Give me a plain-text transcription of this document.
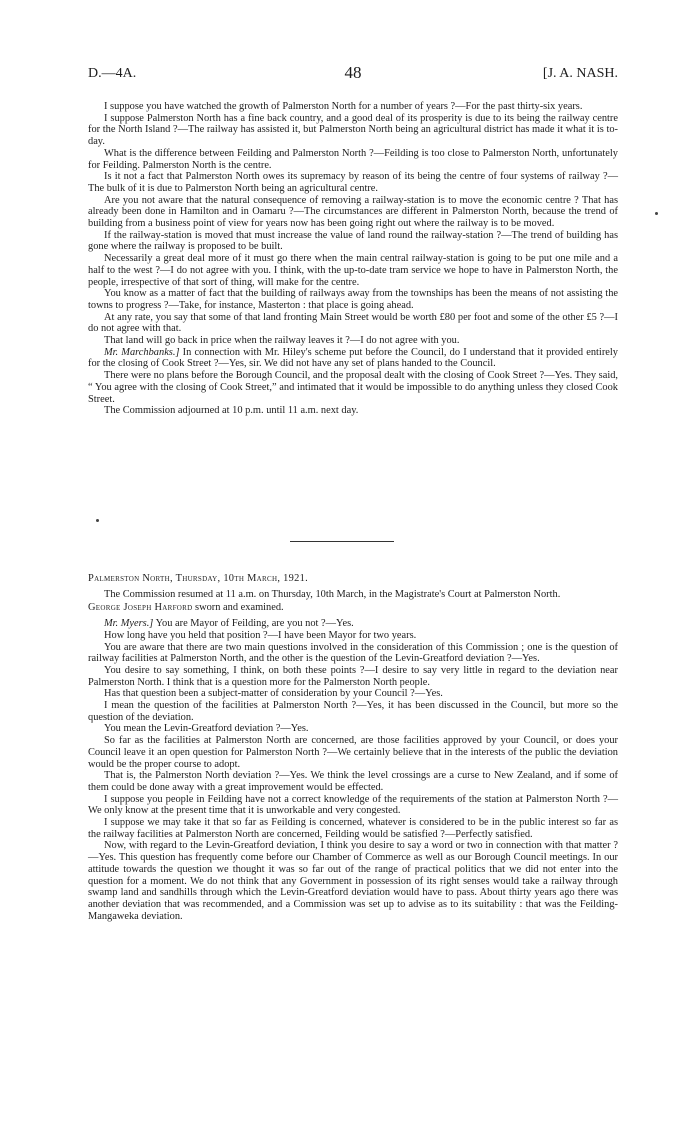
D.—4A.	48	[J. A. NASH.

I suppose you have watched the growth of Palmerston North for a number of years ?—For the past thirty-six years.

I suppose Palmerston North has a fine back country, and a good deal of its prosperity is due to its being the railway centre for the North Island ?—The railway has assisted it, but Palmerston North being an agricultural district has made it what it is to-day.

What is the difference between Feilding and Palmerston North ?—Feilding is too close to Palmerston North, unfortunately for Feilding. Palmerston North is the centre.

Is it not a fact that Palmerston North owes its supremacy by reason of its being the centre of four systems of railway ?—The bulk of it is due to Palmerston North being an agricultural centre.

Are you not aware that the natural consequence of removing a railway-station is to move the economic centre ? That has already been done in Hamilton and in Oamaru ?—The circumstances are different in Palmerston North, because the trend of building from a business point of view for years now has been going right out where the railway is to be moved.

If the railway-station is moved that must increase the value of land round the railway-station ?—The trend of building has gone where the railway is proposed to be built.

Necessarily a great deal more of it must go there when the main central railway-station is going to be put one mile and a half to the west ?—I do not agree with you. I think, with the up-to-date tram service we hope to have in Palmerston North, the people, irrespective of that sort of thing, will make for the centre.

You know as a matter of fact that the building of railways away from the townships has been the means of not assisting the towns to progress ?—Take, for instance, Masterton : that place is going ahead.

At any rate, you say that some of that land fronting Main Street would be worth £80 per foot and some of the other £5 ?—I do not agree with that.

That land will go back in price when the railway leaves it ?—I do not agree with you.

Mr. Marchbanks.] In connection with Mr. Hiley's scheme put before the Council, do I understand that it provided entirely for the closing of Cook Street ?—Yes, sir. We did not have any set of plans handed to the Council.

There were no plans before the Borough Council, and the proposal dealt with the closing of Cook Street ?—Yes. They said, “ You agree with the closing of Cook Street,” and intimated that it would be impossible to do anything unless they closed Cook Street.

The Commission adjourned at 10 p.m. until 11 a.m. next day.

Palmerston North, Thursday, 10th March, 1921.

The Commission resumed at 11 a.m. on Thursday, 10th March, in the Magistrate's Court at Palmerston North.

George Joseph Harford sworn and examined.

Mr. Myers.] You are Mayor of Feilding, are you not ?—Yes.

How long have you held that position ?—I have been Mayor for two years.

You are aware that there are two main questions involved in the consideration of this Commission ; one is the question of railway facilities at Palmerston North, and the other is the question of the Levin-Greatford deviation ?—Yes.

You desire to say something, I think, on both these points ?—I desire to say very little in regard to the deviation near Palmerston North. I think that is a question more for the Palmerston North people.

Has that question been a subject-matter of consideration by your Council ?—Yes.

I mean the question of the facilities at Palmerston North ?—Yes, it has been discussed in the Council, but more so the question of the deviation.

You mean the Levin-Greatford deviation ?—Yes.

So far as the facilities at Palmerston North are concerned, are those facilities approved by your Council, or does your Council leave it an open question for Palmerston North ?—We certainly believe that in the interests of the public the deviation would be the proper course to adopt.

That is, the Palmerston North deviation ?—Yes. We think the level crossings are a curse to New Zealand, and if some of them could be done away with a great improvement would be effected.

I suppose you people in Feilding have not a correct knowledge of the requirements of the station at Palmerston North ?—We only know at the present time that it is unworkable and very congested.

I suppose we may take it that so far as Feilding is concerned, whatever is considered to be in the public interest so far as the railway facilities at Palmerston North are concerned, Feilding would be satisfied ?—Perfectly satisfied.

Now, with regard to the Levin-Greatford deviation, I think you desire to say a word or two in connection with that matter ?—Yes. This question has frequently come before our Chamber of Commerce as well as our Borough Council meetings. In our attitude towards the question we thought it was so far out of the range of practical politics that we did not enter into the question for a moment. We do not think that any Government in possession of its right senses would take a railway through swamp land and sandhills through which the Levin-Greatford deviation would have to pass. About thirty years ago there was another deviation that was recommended, and a Commission was set up to advise as to its suitability : that was the Feilding-Mangaweka deviation.
